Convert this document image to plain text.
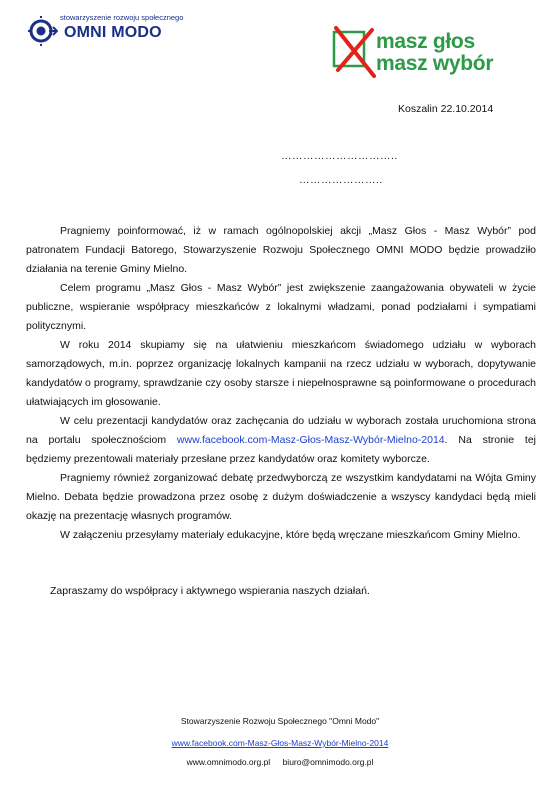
stowarzyszenie rozwoju społecznego
OMNI MODO	masz głos
masz wybór
Koszalin 22.10.2014
…………………………..
…………………..

Pragniemy poinformować, iż w ramach ogólnopolskiej akcji „Masz Głos - Masz Wybór” pod patronatem Fundacji Batorego, Stowarzyszenie Rozwoju Społecznego OMNI MODO będzie prowadziło działania na terenie Gminy Mielno.

Celem programu „Masz Głos - Masz Wybór” jest zwiększenie zaangażowania obywateli w życie publiczne, wspieranie współpracy mieszkańców z lokalnymi władzami, ponad podziałami i sympatiami politycznymi.

W roku 2014 skupiamy się na ułatwieniu mieszkańcom świadomego udziału w wyborach samorządowych, m.in. poprzez organizację lokalnych kampanii na rzecz udziału w wyborach, dopytywanie kandydatów o programy, sprawdzanie czy osoby starsze i niepełnosprawne są poinformowane o procedurach ułatwiających im głosowanie.

W celu prezentacji kandydatów oraz zachęcania do udziału w wyborach została uruchomiona strona na portalu społecznościom www.facebook.com-Masz-Głos-Masz-Wybór-Mielno-2014. Na stronie tej będziemy prezentowali materiały przesłane przez kandydatów oraz komitety wyborcze.

Pragniemy również zorganizować debatę przedwyborczą ze wszystkim kandydatami na Wójta Gminy Mielno. Debata będzie prowadzona przez osobę z dużym doświadczenie a wszyscy kandydaci będą mieli okazję na prezentację własnych programów.

W załączeniu przesyłamy materiały edukacyjne, które będą wręczane mieszkańcom Gminy Mielno.

Zapraszamy do współpracy i aktywnego wspierania naszych działań.
Stowarzyszenie Rozwoju Społecznego "Omni Modo"
www.facebook.com-Masz-Głos-Masz-Wybór-Mielno-2014
www.omnimodo.org.pl biuro@omnimodo.org.pl
